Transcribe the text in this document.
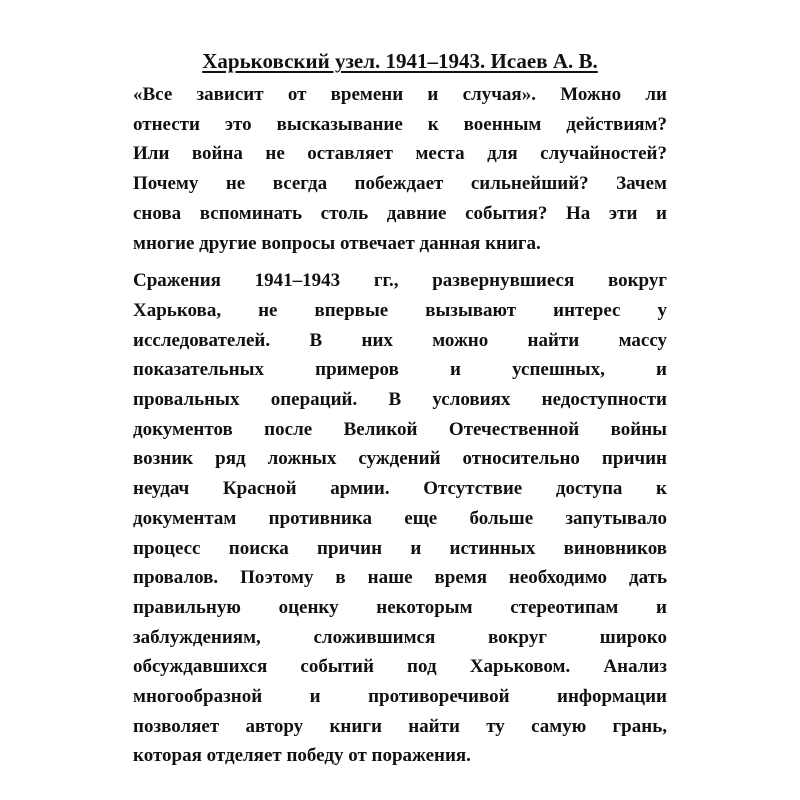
Харьковский узел. 1941–1943. Исаев А. В.

«Все зависит от времени и случая». Можно ли
отнести это высказывание к военным действиям?
Или война не оставляет места для случайностей?
Почему не всегда побеждает сильнейший? Зачем
снова вспоминать столь давние события? На эти и
многие другие вопросы отвечает данная книга.

Сражения 1941–1943 гг., развернувшиеся вокруг
Харькова, не впервые вызывают интерес у
исследователей. В них можно найти массу
показательных примеров и успешных, и
провальных операций. В условиях недоступности
документов после Великой Отечественной войны
возник ряд ложных суждений относительно причин
неудач Красной армии. Отсутствие доступа к
документам противника еще больше запутывало
процесс поиска причин и истинных виновников
провалов. Поэтому в наше время необходимо дать
правильную оценку некоторым стереотипам и
заблуждениям, сложившимся вокруг широко
обсуждавшихся событий под Харьковом. Анализ
многообразной и противоречивой информации
позволяет автору книги найти ту самую грань,
которая отделяет победу от поражения.
